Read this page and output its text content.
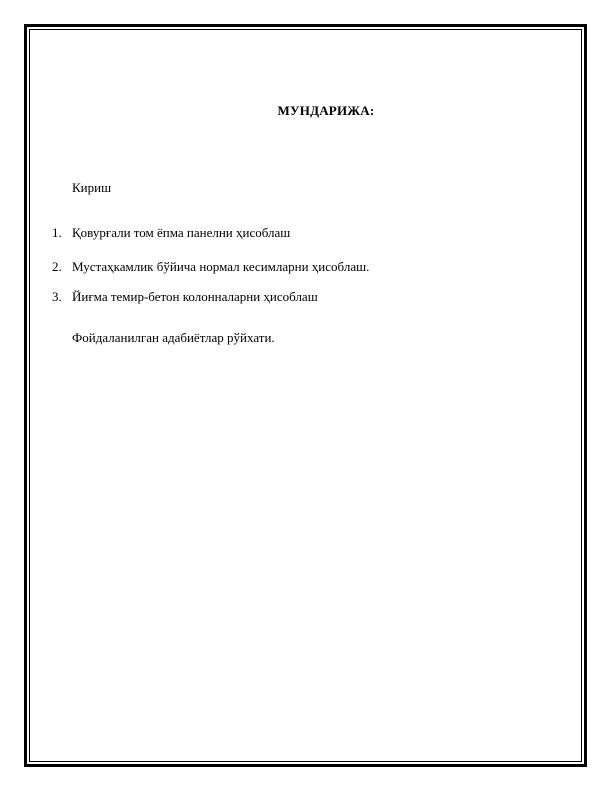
МУНДАРИЖА:
Кириш
1. Қовурғали том ёпма панелни ҳисоблаш
2. Мустаҳкамлик бўйича нормал кесимларни ҳисоблаш.
3. Йиғма темир-бетон колонналарни ҳисоблаш
Фойдаланилган адабиётлар рўйхати.
